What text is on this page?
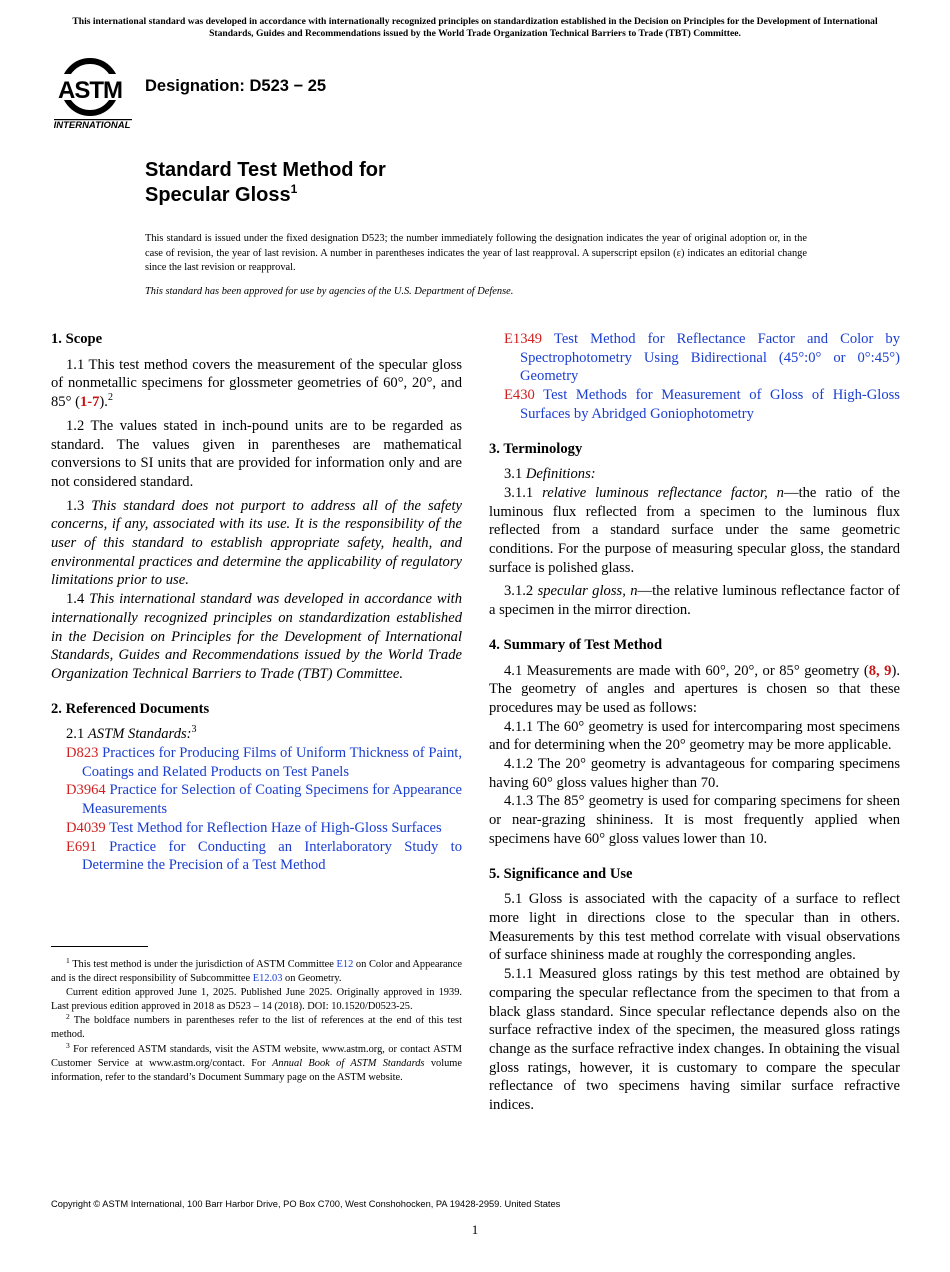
This international standard was developed in accordance with internationally recognized principles on standardization established in the Decision on Principles for the Development of International Standards, Guides and Recommendations issued by the World Trade Organization Technical Barriers to Trade (TBT) Committee.
ASTM
INTERNATIONAL
Designation: D523 − 25
Standard Test Method for
Specular Gloss$^1$
This standard is issued under the fixed designation D523; the number immediately following the designation indicates the year of original adoption or, in the case of revision, the year of last revision. A number in parentheses indicates the year of last reapproval. A superscript epsilon (ε) indicates an editorial change since the last revision or reapproval.
This standard has been approved for use by agencies of the U.S. Department of Defense.

1. Scope

1.1 This test method covers the measurement of the specular gloss of nonmetallic specimens for glossmeter geometries of 60°, 20°, and 85° (1-7).$^2$

1.2 The values stated in inch-pound units are to be regarded as standard. The values given in parentheses are mathematical conversions to SI units that are provided for information only and are not considered standard.

1.3 This standard does not purport to address all of the safety concerns, if any, associated with its use. It is the responsibility of the user of this standard to establish appropriate safety, health, and environmental practices and determine the applicability of regulatory limitations prior to use.

1.4 This international standard was developed in accordance with internationally recognized principles on standardization established in the Decision on Principles for the Development of International Standards, Guides and Recommendations issued by the World Trade Organization Technical Barriers to Trade (TBT) Committee.

2. Referenced Documents

2.1 ASTM Standards:$^3$

D823 Practices for Producing Films of Uniform Thickness of Paint, Coatings and Related Products on Test Panels

D3964 Practice for Selection of Coating Specimens for Appearance Measurements

D4039 Test Method for Reflection Haze of High-Gloss Surfaces

E691 Practice for Conducting an Interlaboratory Study to Determine the Precision of a Test Method

$^1$ This test method is under the jurisdiction of ASTM Committee E12 on Color and Appearance and is the direct responsibility of Subcommittee E12.03 on Geometry.

Current edition approved June 1, 2025. Published June 2025. Originally approved in 1939. Last previous edition approved in 2018 as D523 – 14 (2018). DOI: 10.1520/D0523-25.

$^2$ The boldface numbers in parentheses refer to the list of references at the end of this test method.

$^3$ For referenced ASTM standards, visit the ASTM website, www.astm.org, or contact ASTM Customer Service at www.astm.org/contact. For Annual Book of ASTM Standards volume information, refer to the standard’s Document Summary page on the ASTM website.

E1349 Test Method for Reflectance Factor and Color by Spectrophotometry Using Bidirectional (45°:0° or 0°:45°) Geometry

E430 Test Methods for Measurement of Gloss of High-Gloss Surfaces by Abridged Goniophotometry

3. Terminology

3.1 Definitions:

3.1.1 relative luminous reflectance factor, n—the ratio of the luminous flux reflected from a specimen to the luminous flux reflected from a standard surface under the same geometric conditions. For the purpose of measuring specular gloss, the standard surface is polished glass.

3.1.2 specular gloss, n—the relative luminous reflectance factor of a specimen in the mirror direction.

4. Summary of Test Method

4.1 Measurements are made with 60°, 20°, or 85° geometry (8, 9). The geometry of angles and apertures is chosen so that these procedures may be used as follows:

4.1.1 The 60° geometry is used for intercomparing most specimens and for determining when the 20° geometry may be more applicable.

4.1.2 The 20° geometry is advantageous for comparing specimens having 60° gloss values higher than 70.

4.1.3 The 85° geometry is used for comparing specimens for sheen or near-grazing shininess. It is most frequently applied when specimens have 60° gloss values lower than 10.

5. Significance and Use

5.1 Gloss is associated with the capacity of a surface to reflect more light in directions close to the specular than in others. Measurements by this test method correlate with visual observations of surface shininess made at roughly the corresponding angles.

5.1.1 Measured gloss ratings by this test method are obtained by comparing the specular reflectance from the specimen to that from a black glass standard. Since specular reflectance depends also on the surface refractive index of the specimen, the measured gloss ratings change as the surface refractive index changes. In obtaining the visual gloss ratings, however, it is customary to compare the specular reflectance of two specimens having similar surface refractive indices.

Copyright © ASTM International, 100 Barr Harbor Drive, PO Box C700, West Conshohocken, PA 19428-2959. United States
1
